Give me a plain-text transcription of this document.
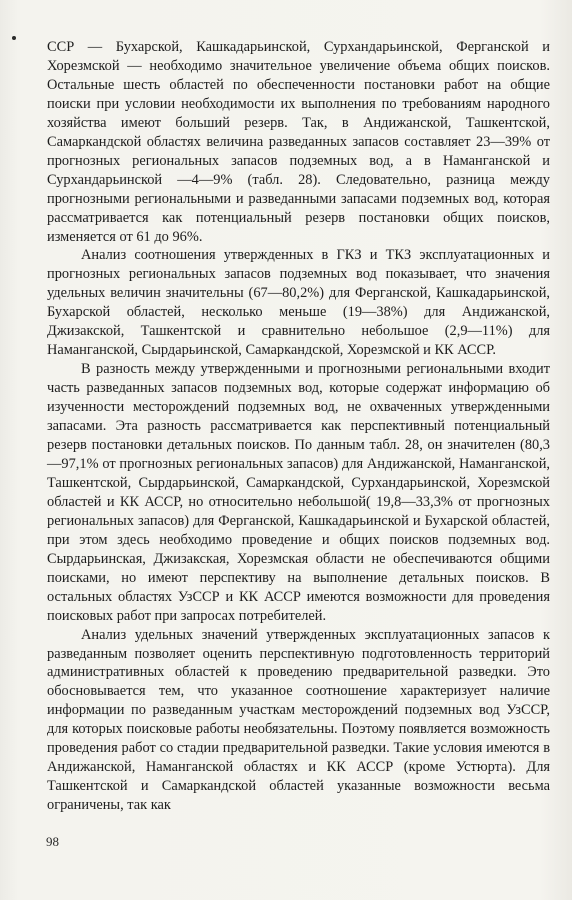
ССР — Бухарской, Кашкадарьинской, Сурхандарьинской, Ферганской и Хорезмской — необходимо значительное увеличение объема общих поисков. Остальные шесть областей по обеспеченности постановки работ на общие поиски при условии необходимости их выполнения по требованиям народного хозяйства имеют больший резерв. Так, в Андижанской, Ташкентской, Самаркандской областях величина разведанных запасов составляет 23—39% от прогнозных региональных запасов подземных вод, а в Наманганской и Сурхандарьинской —4—9% (табл. 28). Следовательно, разница между прогнозными региональными и разведанными запасами подземных вод, которая рассматривается как потенциальный резерв постановки общих поисков, изменяется от 61 до 96%.

Анализ соотношения утвержденных в ГКЗ и ТКЗ эксплуатационных и прогнозных региональных запасов подземных вод показывает, что значения удельных величин значительны (67—80,2%) для Ферганской, Кашкадарьинской, Бухарской областей, несколько меньше (19—38%) для Андижанской, Джизакской, Ташкентской и сравнительно небольшое (2,9—11%) для Наманганской, Сырдарьинской, Самаркандской, Хорезмской и КК АССР.

В разность между утвержденными и прогнозными региональными входит часть разведанных запасов подземных вод, которые содержат информацию об изученности месторождений подземных вод, не охваченных утвержденными запасами. Эта разность рассматривается как перспективный потенциальный резерв постановки детальных поисков. По данным табл. 28, он значителен (80,3—97,1% от прогнозных региональных запасов) для Андижанской, Наманганской, Ташкентской, Сырдарьинской, Самаркандской, Сурхандарьинской, Хорезмской областей и КК АССР, но относительно небольшой( 19,8—33,3% от прогнозных региональных запасов) для Ферганской, Кашкадарьинской и Бухарской областей, при этом здесь необходимо проведение и общих поисков подземных вод. Сырдарьинская, Джизакская, Хорезмская области не обеспечиваются общими поисками, но имеют перспективу на выполнение детальных поисков. В остальных областях УзССР и КК АССР имеются возможности для проведения поисковых работ при запросах потребителей.

Анализ удельных значений утвержденных эксплуатационных запасов к разведанным позволяет оценить перспективную подготовленность территорий административных областей к проведению предварительной разведки. Это обосновывается тем, что указанное соотношение характеризует наличие информации по разведанным участкам месторождений подземных вод УзССР, для которых поисковые работы необязательны. Поэтому появляется возможность проведения работ со стадии предварительной разведки. Такие условия имеются в Андижанской, Наманганской областях и КК АССР (кроме Устюрта). Для Ташкентской и Самаркандской областей указанные возможности весьма ограничены, так как

98
